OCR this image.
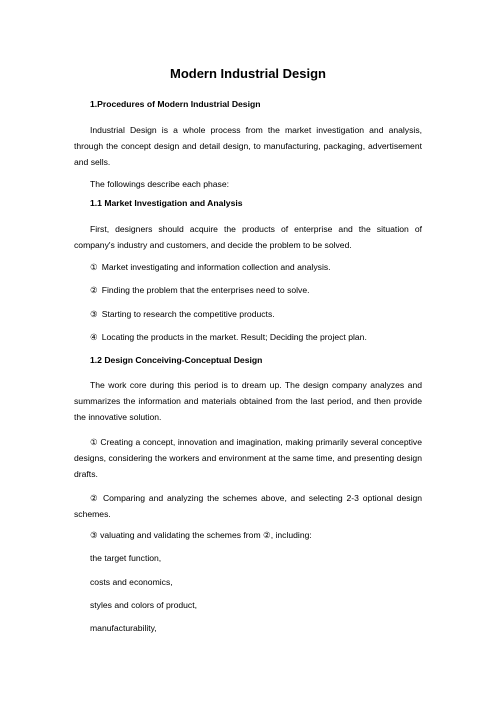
Modern Industrial Design
1.Procedures of Modern Industrial Design
Industrial Design is a whole process from the market investigation and analysis, through the concept design and detail design, to manufacturing, packaging, advertisement and sells.
The followings describe each phase:
1.1 Market Investigation and Analysis
First, designers should acquire the products of enterprise and the situation of company's industry and customers, and decide the problem to be solved.
① Market investigating and information collection and analysis.
② Finding the problem that the enterprises need to solve.
③ Starting to research the competitive products.
④ Locating the products in the market. Result; Deciding the project plan.
1.2 Design Conceiving-Conceptual Design
The work core during this period is to dream up. The design company analyzes and summarizes the information and materials obtained from the last period, and then provide the innovative solution.
① Creating a concept, innovation and imagination, making primarily several conceptive designs, considering the workers and environment at the same time, and presenting design drafts.
② Comparing and analyzing the schemes above, and selecting 2-3 optional design schemes.
③ valuating and validating the schemes from ②, including:
the target function,
costs and economics,
styles and colors of product,
manufacturability,
